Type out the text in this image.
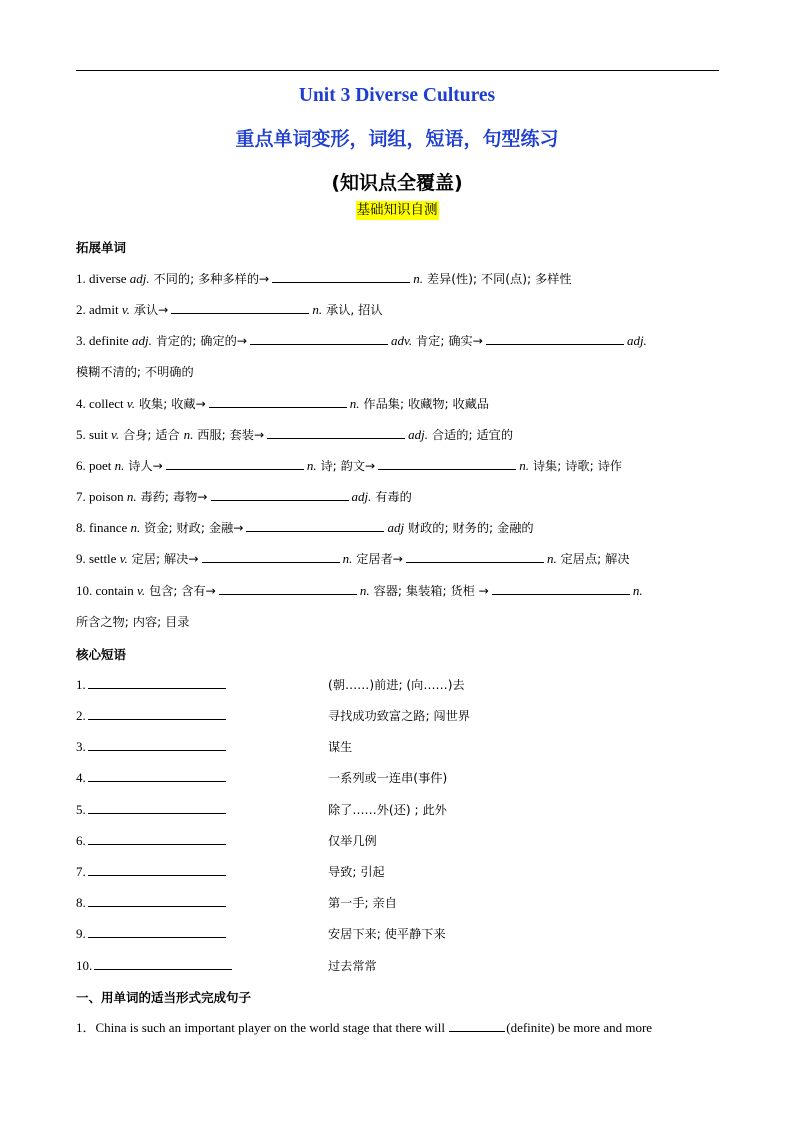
Unit 3 Diverse Cultures
重点单词变形，词组，短语，句型练习
(知识点全覆盖)
基础知识自测
拓展单词
1. diverse adj. 不同的; 多种多样的→	n. 差异(性); 不同(点); 多样性
2. admit v. 承认→	n. 承认, 招认
3. definite adj. 肯定的; 确定的→	adv. 肯定; 确实→	adj.
模糊不清的; 不明确的
4. collect v. 收集; 收藏→	n. 作品集; 收藏物; 收藏品
5. suit v. 合身; 适合 n. 西服; 套装→	adj. 合适的; 适宜的
6. poet n. 诗人→	n. 诗; 韵文→	n. 诗集; 诗歌; 诗作
7. poison n. 毒药; 毒物→	adj. 有毒的
8. finance n. 资金; 财政; 金融→	adj 财政的; 财务的; 金融的
9. settle v. 定居; 解决→	n. 定居者→	n. 定居点; 解决
10. contain v. 包含; 含有→	n. 容器; 集装箱; 货柜 →	n.
所含之物; 内容; 目录
核心短语
1.	(朝……)前进; (向……)去
2.	寻找成功致富之路; 闯世界
3.	谋生
4.	一系列或一连串(事件)
5.	除了……外(还) ; 此外
6.	仅举几例
7.	导致; 引起
8.	第一手; 亲自
9.	安居下来; 使平静下来
10.	过去常常
一、用单词的适当形式完成句子
1．China is such an important player on the world stage that there will	(definite) be more and more
